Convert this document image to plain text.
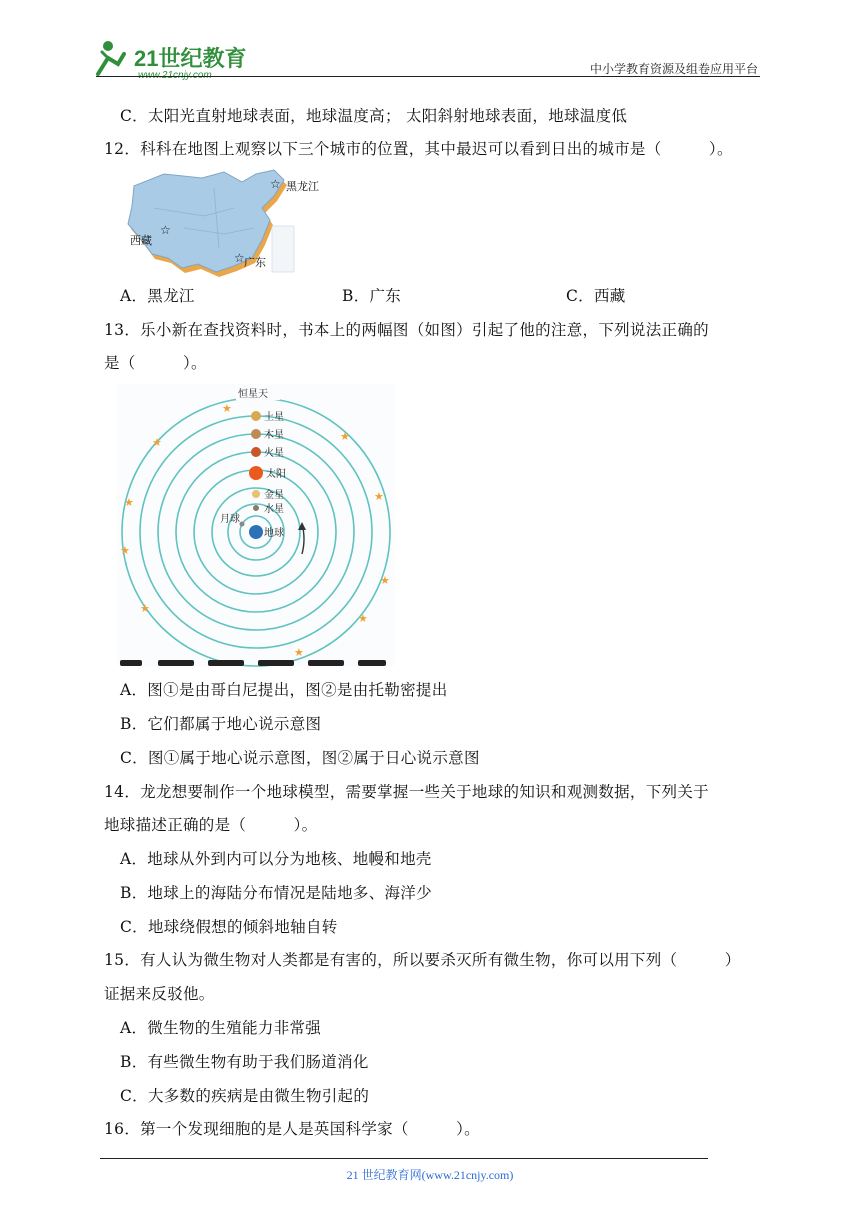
21世纪教育
www.21cnjy.com	中小学教育资源及组卷应用平台
C．太阳光直射地球表面，地球温度高； 太阳斜射地球表面，地球温度低
12．科科在地图上观察以下三个城市的位置，其中最迟可以看到日出的城市是（　　　）。
☆
☆
☆
黑龙江
西藏
广东
A．黑龙江	B．广东	C．西藏
13．乐小新在查找资料时，书本上的两幅图（如图）引起了他的注意，下列说法正确的
是（　　　）。
★
★	★
★	★
★
★
★
★
★
恒星天
土星
木星
火星
太阳
金星
水星
地球
月球
A．图①是由哥白尼提出，图②是由托勒密提出
B．它们都属于地心说示意图
C．图①属于地心说示意图，图②属于日心说示意图
14．龙龙想要制作一个地球模型，需要掌握一些关于地球的知识和观测数据，下列关于
地球描述正确的是（　　　）。
A．地球从外到内可以分为地核、地幔和地壳
B．地球上的海陆分布情况是陆地多、海洋少
C．地球绕假想的倾斜地轴自转
15．有人认为微生物对人类都是有害的，所以要杀灭所有微生物，你可以用下列（　　　）
证据来反驳他。
A．微生物的生殖能力非常强
B．有些微生物有助于我们肠道消化
C．大多数的疾病是由微生物引起的
16．第一个发现细胞的是人是英国科学家（　　　）。
21 世纪教育网(www.21cnjy.com)
